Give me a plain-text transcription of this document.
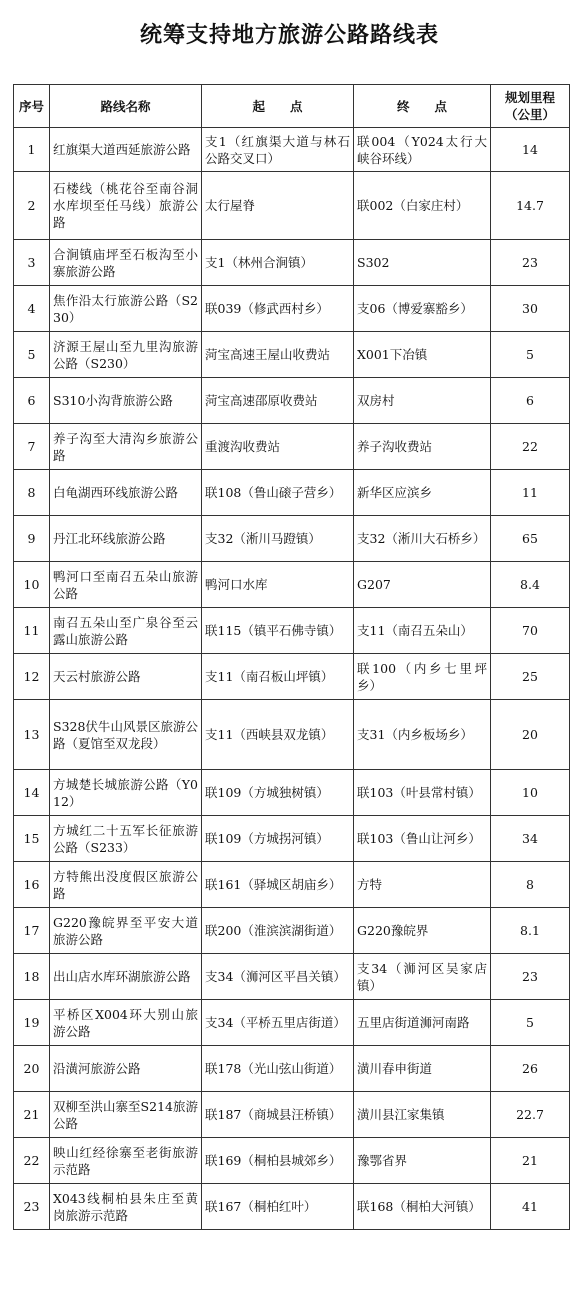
统筹支持地方旅游公路路线表
序号	路线名称	起　　点	终　　点	规划里程（公里）
1	红旗渠大道西延旅游公路	支1（红旗渠大道与林石公路交叉口）	联004（Y024太行大峡谷环线）	14
2	石楼线（桃花谷至南谷洞水库坝至任马线）旅游公路	太行屋脊	联002（白家庄村）	14.7
3	合涧镇庙坪至石板沟至小寨旅游公路	支1（林州合涧镇）	S302	23
4	焦作沿太行旅游公路（S230）	联039（修武西村乡）	支06（博爱寨豁乡）	30
5	济源王屋山至九里沟旅游公路（S230）	菏宝高速王屋山收费站	X001下冶镇	5
6	S310小沟背旅游公路	菏宝高速邵原收费站	双房村	6
7	养子沟至大清沟乡旅游公路	重渡沟收费站	养子沟收费站	22
8	白龟湖西环线旅游公路	联108（鲁山磙子营乡）	新华区应滨乡	11
9	丹江北环线旅游公路	支32（淅川马蹬镇）	支32（淅川大石桥乡）	65
10	鸭河口至南召五朵山旅游公路	鸭河口水库	G207	8.4
11	南召五朵山至广泉谷至云露山旅游公路	联115（镇平石佛寺镇）	支11（南召五朵山）	70
12	天云村旅游公路	支11（南召板山坪镇）	联100（内乡七里坪乡）	25
13	S328伏牛山风景区旅游公路（夏馆至双龙段）	支11（西峡县双龙镇）	支31（内乡板场乡）	20
14	方城楚长城旅游公路（Y012）	联109（方城独树镇）	联103（叶县常村镇）	10
15	方城红二十五军长征旅游公路（S233）	联109（方城拐河镇）	联103（鲁山让河乡）	34
16	方特熊出没度假区旅游公路	联161（驿城区胡庙乡）	方特	8
17	G220豫皖界至平安大道旅游公路	联200（淮滨滨湖街道）	G220豫皖界	8.1
18	出山店水库环湖旅游公路	支34（浉河区平昌关镇）	支34（浉河区吴家店镇）	23
19	平桥区X004环大别山旅游公路	支34（平桥五里店街道）	五里店街道浉河南路	5
20	沿潢河旅游公路	联178（光山弦山街道）	潢川春申街道	26
21	双柳至洪山寨至S214旅游公路	联187（商城县汪桥镇）	潢川县江家集镇	22.7
22	映山红经徐寨至老街旅游示范路	联169（桐柏县城郊乡）	豫鄂省界	21
23	X043线桐柏县朱庄至黄岗旅游示范路	联167（桐柏红叶）	联168（桐柏大河镇）	41
